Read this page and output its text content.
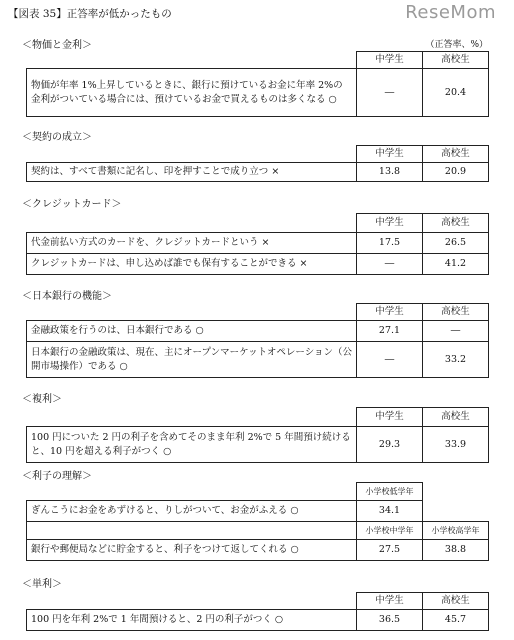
【図表 35】正答率が低かったもの	ReseMom
（正答率、%）
＜物価と金利＞
	中学生	高校生
物価が年率 1%上昇しているときに、銀行に預けているお金に年率 2%の金利がついている場合には、預けているお金で買えるものは多くなる ○	―	20.4
＜契約の成立＞
	中学生	高校生
契約は、すべて書類に記名し、印を押すことで成り立つ ×	13.8	20.9
＜クレジットカード＞
	中学生	高校生
代金前払い方式のカードを、クレジットカードという ×	17.5	26.5
クレジットカードは、申し込めば誰でも保有することができる ×	―	41.2
＜日本銀行の機能＞
	中学生	高校生
金融政策を行うのは、日本銀行である ○	27.1	―
日本銀行の金融政策は、現在、主にオープンマーケットオペレーション（公開市場操作）である ○	―	33.2
＜複利＞
	中学生	高校生
100 円についた 2 円の利子を含めてそのまま年利 2%で 5 年間預け続けると、10 円を超える利子がつく ○	29.3	33.9
＜利子の理解＞
	小学校低学年	
ぎんこうにお金をあずけると、りしがついて、お金がふえる ○	34.1	
	小学校中学年	小学校高学年
銀行や郵便局などに貯金すると、利子をつけて返してくれる ○	27.5	38.8
＜単利＞
	中学生	高校生
100 円を年利 2%で 1 年間預けると、2 円の利子がつく ○	36.5	45.7
